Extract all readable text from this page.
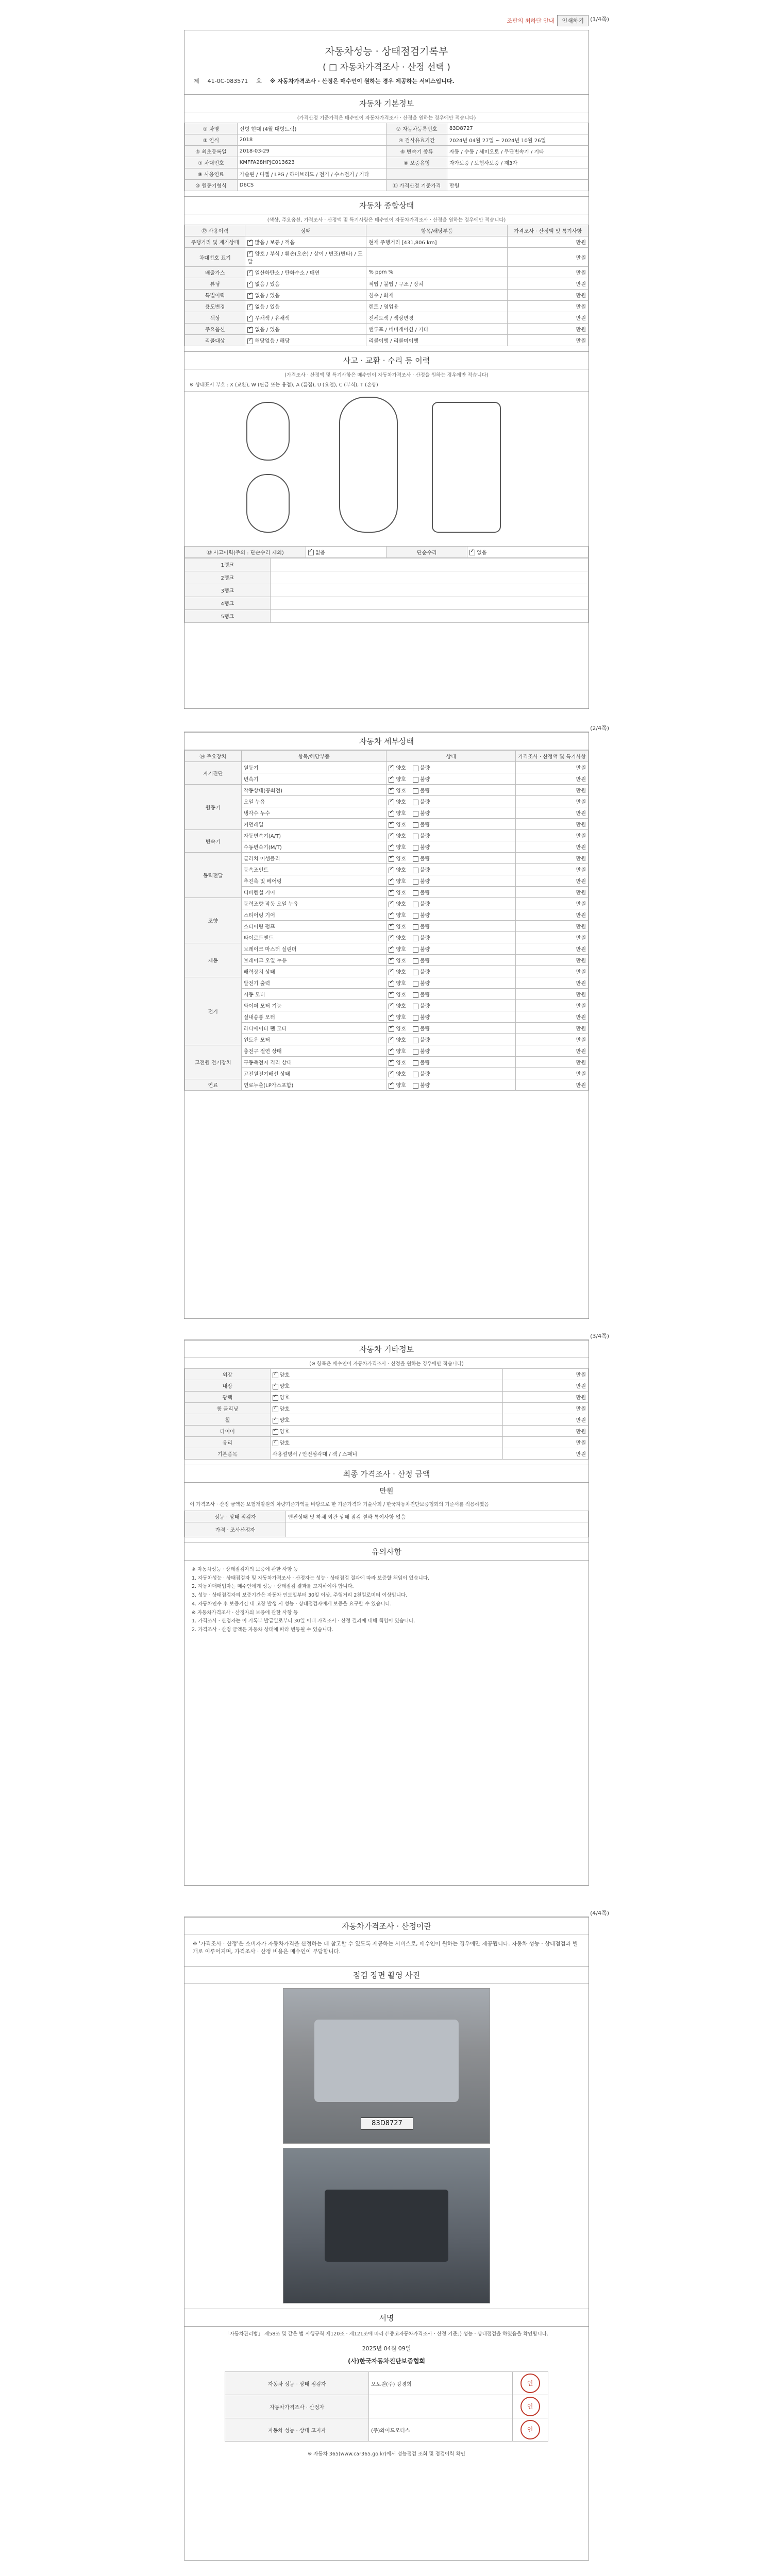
조판의 최하단 안내	인쇄하기	(1/4쪽)
자동차성능 · 상태점검기록부
( □ 자동차가격조사 · 산정 선택 )
제 41-0C-083571 호 ※ 자동차가격조사 · 산정은 매수인이 원하는 경우 제공하는 서비스입니다.
자동차 기본정보
(가격산정 기준가격은 매수인이 자동차가격조사 · 산정을 원하는 경우에만 적습니다)
① 차명	신형 현대 (4월 대형트럭)	② 자동차등록번호	83D8727
③ 연식	2018	④ 검사유효기간	2024년 04월 27일 ~ 2024년 10월 26일
⑤ 최초등록일	2018-03-29	⑥ 변속기 종류	자동 / 수동 / 세미오토 / 무단변속기 / 기타
⑦ 차대번호	KMFFA28HPJC013623	⑧ 보증유형	자가보증 / 보험사보증 / 제3자
⑨ 사용연료	가솔린 / 디젤 / LPG / 하이브리드 / 전기 / 수소전기 / 기타		
⑩ 원동기형식	D6CS	⑪ 가격산정 기준가격	만원
자동차 종합상태
(색상, 주요옵션, 가격조사 · 산정액 및 특기사항은 매수인이 자동차가격조사 · 산정을 원하는 경우에만 적습니다)
⑫ 사용이력	상태	항목/해당부품	가격조사 · 산정액 및 특기사항
주행거리 및 계기상태	✓많음 / 보통 / 적음	현재 주행거리 [431,806 km]	만원
차대번호 표기	✓양호 / 부식 / 훼손(오손) / 상이 / 변조(변타) / 도말		만원
배출가스	✓일산화탄소 / 탄화수소 / 매연	% ppm %	만원
튜닝	✓없음 / 있음	적법 / 불법 / 구조 / 장치	만원
특별이력	✓없음 / 있음	침수 / 화재	만원
용도변경	✓없음 / 있음	렌트 / 영업용	만원
색상	✓무채색 / 유채색	전체도색 / 색상변경	만원
주요옵션	✓없음 / 있음	썬루프 / 네비게이션 / 기타	만원
리콜대상	✓해당없음 / 해당	리콜이행 / 리콜미이행	만원
사고 · 교환 · 수리 등 이력
(가격조사 · 산정액 및 특기사항은 매수인이 자동차가격조사 · 산정을 원하는 경우에만 적습니다)
※ 상태표시 부호 : X (교환), W (판금 또는 용접), A (흠집), U (요철), C (부식), T (손상)
⑬ 사고이력(주의 : 단순수리 제외)	✓없음	단순수리	✓없음
1랭크	
2랭크	
3랭크	
4랭크	
5랭크	
(2/4쪽)
자동차 세부상태
⑭ 주요장치	항목/해당부품	상태	가격조사 · 산정액 및 특기사항
자기진단	원동기	✓양호 불량	만원
	변속기	✓양호 불량	만원
원동기	작동상태(공회전)	✓양호 불량	만원
	오일 누유	✓양호 불량	만원
	냉각수 누수	✓양호 불량	만원
	커먼레일	✓양호 불량	만원
변속기	자동변속기(A/T)	✓양호 불량	만원
	수동변속기(M/T)	✓양호 불량	만원
동력전달	클러치 어셈블리	✓양호 불량	만원
	등속조인트	✓양호 불량	만원
	추진축 및 베어링	✓양호 불량	만원
	디퍼렌셜 기어	✓양호 불량	만원
조향	동력조향 작동 오일 누유	✓양호 불량	만원
	스티어링 기어	✓양호 불량	만원
	스티어링 펌프	✓양호 불량	만원
	타이로드엔드	✓양호 불량	만원
제동	브레이크 마스터 실린더	✓양호 불량	만원
	브레이크 오일 누유	✓양호 불량	만원
	배력장치 상태	✓양호 불량	만원
전기	발전기 출력	✓양호 불량	만원
	시동 모터	✓양호 불량	만원
	와이퍼 모터 기능	✓양호 불량	만원
	실내송풍 모터	✓양호 불량	만원
	라디에이터 팬 모터	✓양호 불량	만원
	윈도우 모터	✓양호 불량	만원
고전원 전기장치	충전구 절연 상태	✓양호 불량	만원
	구동축전지 격리 상태	✓양호 불량	만원
	고전원전기배선 상태	✓양호 불량	만원
연료	연료누출(LP가스포함)	✓양호 불량	만원
(3/4쪽)
자동차 기타정보
(※ 항목은 매수인이 자동차가격조사 · 산정을 원하는 경우에만 적습니다)
외장	✓양호	만원
내장	✓양호	만원
광택	✓양호	만원
룸 클리닝	✓양호	만원
휠	✓양호	만원
타이어	✓양호	만원
유리	✓양호	만원
기본품목	사용설명서 / 안전삼각대 / 잭 / 스패너	만원
최종 가격조사 · 산정 금액
만원
이 가격조사 · 산정 금액은 보험개발원의 차량기준가액을 바탕으로 한 기준가격과 기술사회 / 한국자동차진단보증협회의 기준서를 적용하였음
성능 · 상태 점검자	엔진상태 및 하체 외관 상태 점검 결과 특이사항 없음
가격 · 조사산정자	
유의사항
※ 자동차성능 · 상태점검자의 보증에 관한 사항 등
1. 자동차성능 · 상태점검자 및 자동차가격조사 · 산정자는 성능 · 상태점검 결과에 따라 보증할 책임이 있습니다.
2. 자동차매매업자는 매수인에게 성능 · 상태점검 결과를 고지하여야 합니다.
3. 성능 · 상태점검자의 보증기간은 자동차 인도일부터 30일 이상, 주행거리 2천킬로미터 이상입니다.
4. 자동차인수 후 보증기간 내 고장 발생 시 성능 · 상태점검자에게 보증을 요구할 수 있습니다.
※ 자동차가격조사 · 산정자의 보증에 관한 사항 등
1. 가격조사 · 산정자는 이 기록부 발급일로부터 30일 이내 가격조사 · 산정 결과에 대해 책임이 있습니다.
2. 가격조사 · 산정 금액은 자동차 상태에 따라 변동될 수 있습니다.
(4/4쪽)
자동차가격조사 · 산정이란
※ '가격조사 · 산정'은 소비자가 자동차가격을 산정하는 데 참고할 수 있도록 제공하는 서비스로, 매수인이 원하는 경우에만 제공됩니다. 자동차 성능 · 상태점검과 별개로 이루어지며, 가격조사 · 산정 비용은 매수인이 부담합니다.
점검 장면 촬영 사진
83D8727
서명
「자동차관리법」 제58조 및 같은 법 시행규칙 제120조 · 제121조에 따라 (「중고자동차가격조사 · 산정 기준」) 성능 · 상태점검을 하였음을 확인합니다.
2025년 04월 09일
(사)한국자동차진단보증협회
자동차 성능 · 상태 점검자	오토원(주) 강경희	인
자동차가격조사 · 산정자		인
자동차 성능 · 상태 고지자	(주)와이드모터스	인
※ 자동차 365(www.car365.go.kr)에서 성능점검 조회 및 점검이력 확인
